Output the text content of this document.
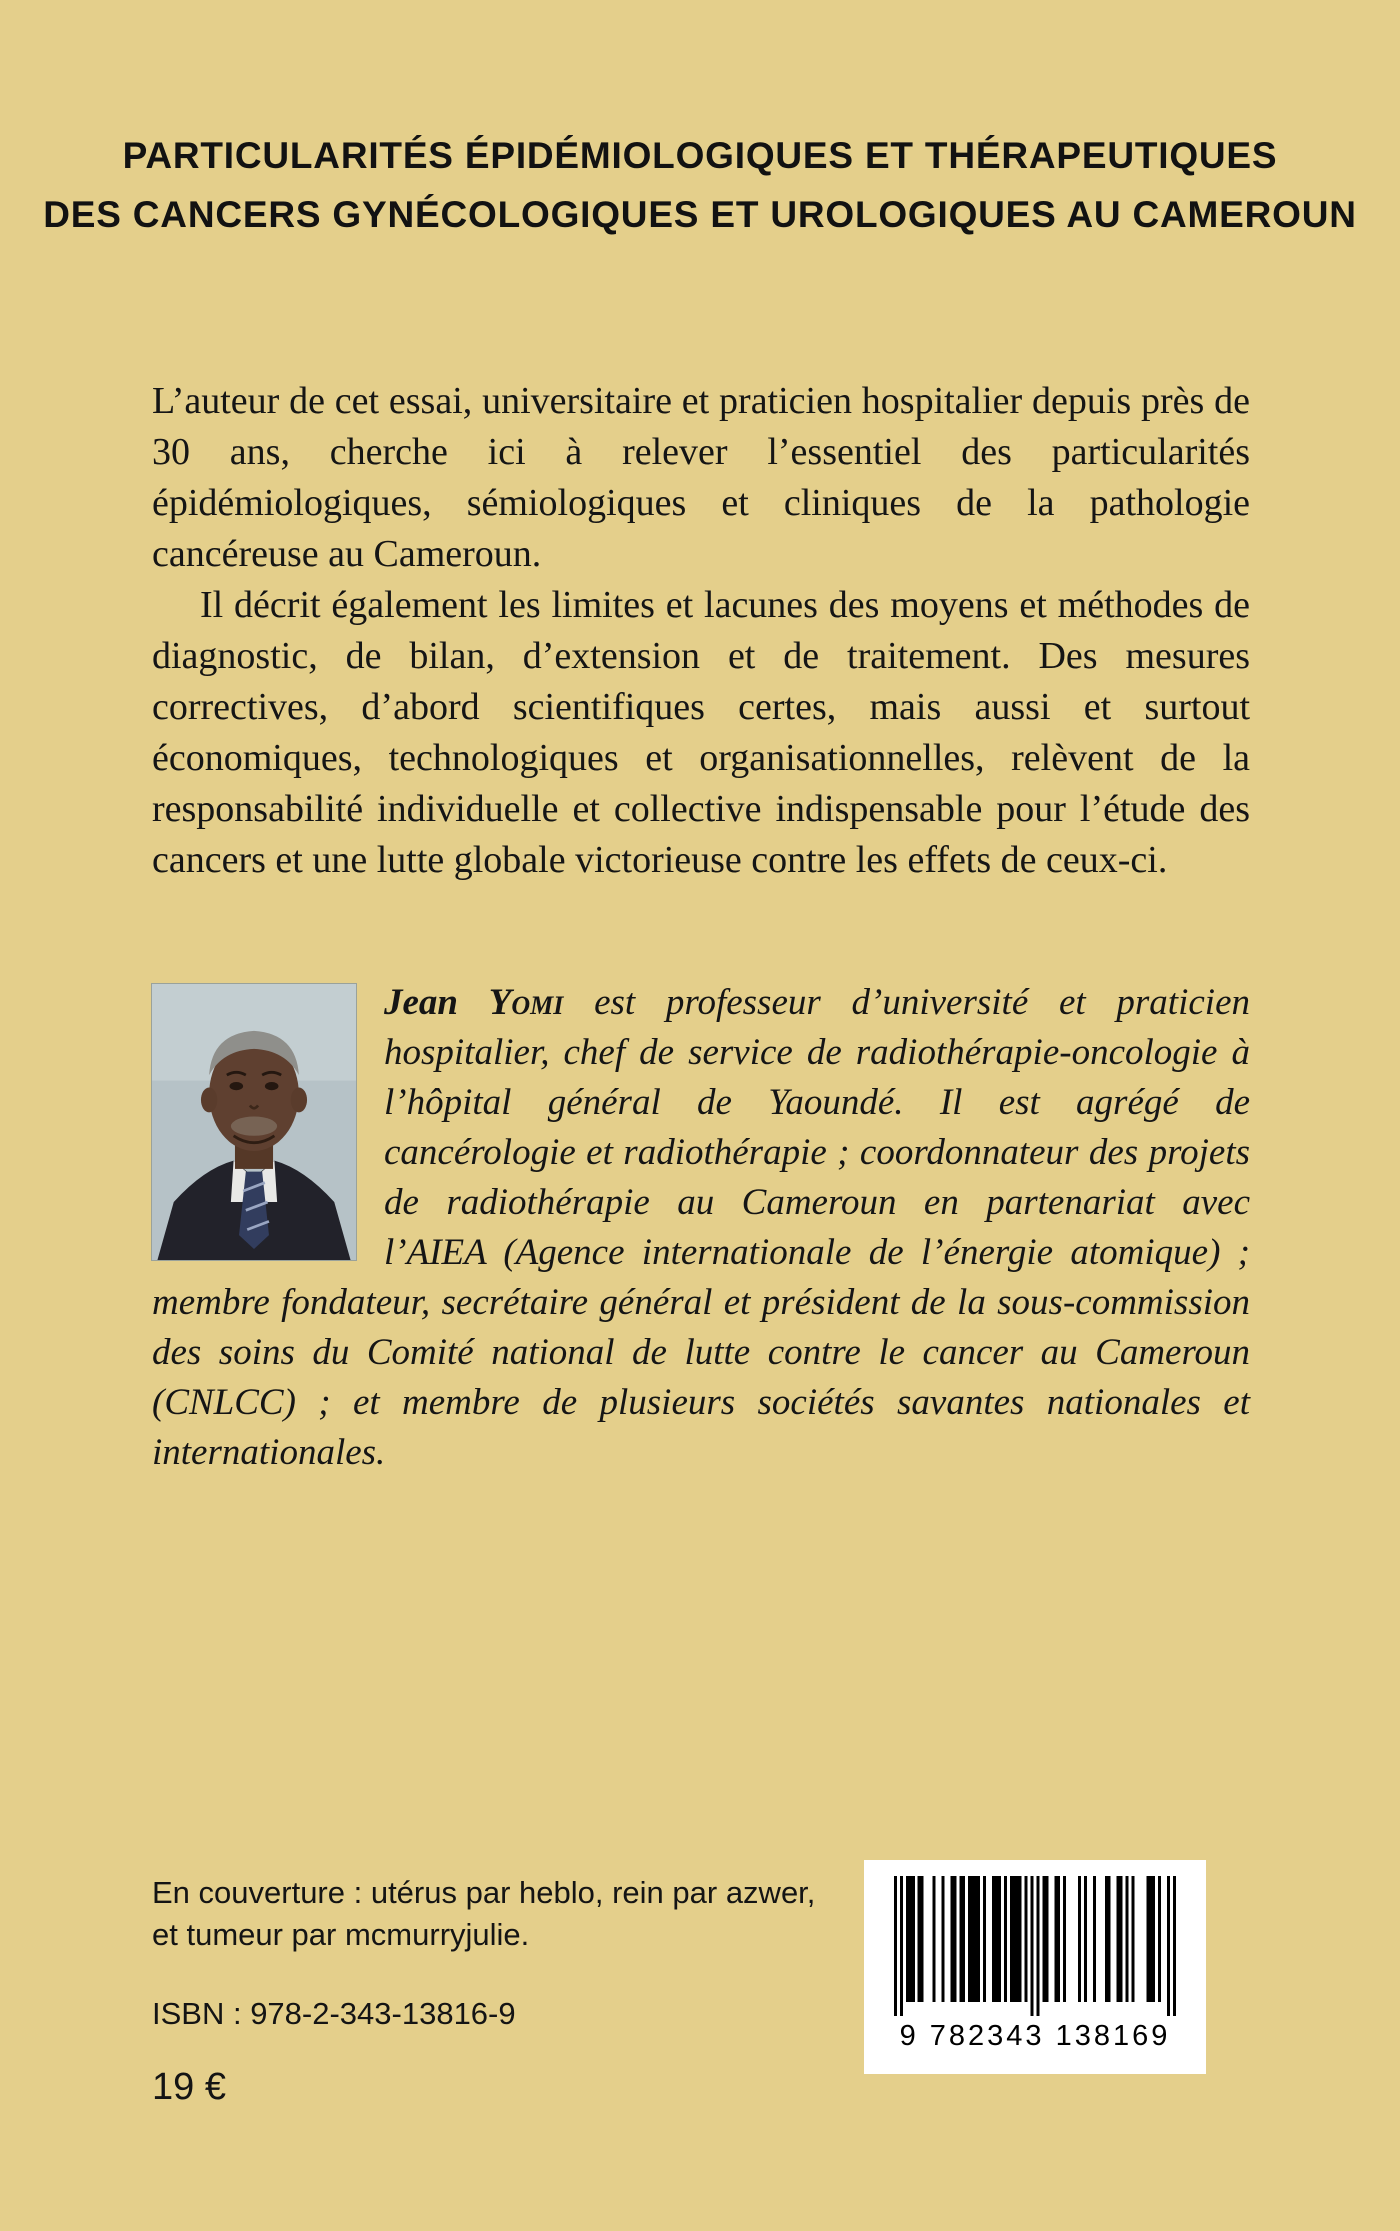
PARTICULARITÉS ÉPIDÉMIOLOGIQUES ET THÉRAPEUTIQUES
DES CANCERS GYNÉCOLOGIQUES ET UROLOGIQUES AU CAMEROUN

L’auteur de cet essai, universitaire et praticien hospitalier depuis près de 30 ans, cherche ici à relever l’essentiel des particularités épidémiologiques, sémiologiques et cliniques de la pathologie cancéreuse au Cameroun.

Il décrit également les limites et lacunes des moyens et méthodes de diagnostic, de bilan, d’extension et de traitement. Des mesures correctives, d’abord scientifiques certes, mais aussi et surtout économiques, technologiques et organisationnelles, relèvent de la responsabilité individuelle et collective indispensable pour l’étude des cancers et une lutte globale victorieuse contre les effets de ceux-ci.

Jean Yomi est professeur d’université et praticien hospitalier, chef de service de radiothérapie-oncologie à l’hôpital général de Yaoundé. Il est agrégé de cancérologie et radiothérapie ; coordonnateur des projets de radiothérapie au Cameroun en partenariat avec l’AIEA (Agence internationale de l’énergie atomique) ; membre fondateur, secrétaire général et président de la sous-commission des soins du Comité national de lutte contre le cancer au Cameroun (CNLCC) ; et membre de plusieurs sociétés savantes nationales et internationales.

En couverture : utérus par heblo, rein par azwer,
et tumeur par mcmurryjulie.
ISBN : 978-2-343-13816-9
19 €
9 782343 138169
